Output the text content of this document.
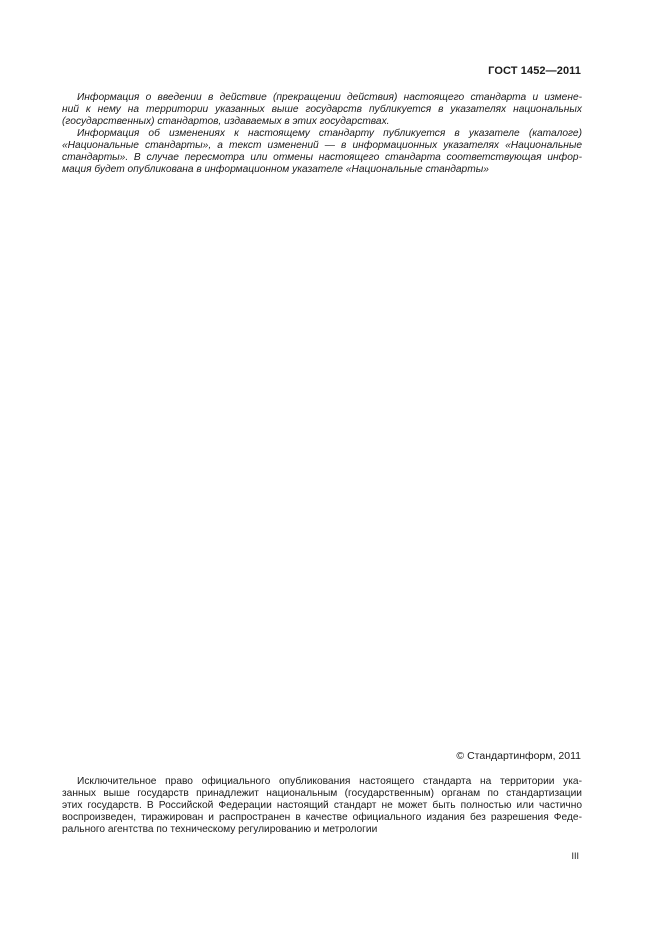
ГОСТ 1452—2011
Информация о введении в действие (прекращении действия) настоящего стандарта и измене-
ний к нему на территории указанных выше государств публикуется в указателях национальных
(государственных) стандартов, издаваемых в этих государствах.
Информация об изменениях к настоящему стандарту публикуется в указателе (каталоге)
«Национальные стандарты», а текст изменений — в информационных указателях «Национальные
стандарты». В случае пересмотра или отмены настоящего стандарта соответствующая инфор-
мация будет опубликована в информационном указателе «Национальные стандарты»
© Стандартинформ, 2011
Исключительное право официального опубликования настоящего стандарта на территории ука-
занных выше государств принадлежит национальным (государственным) органам по стандартизации
этих государств. В Российской Федерации настоящий стандарт не может быть полностью или частично
воспроизведен, тиражирован и распространен в качестве официального издания без разрешения Феде-
рального агентства по техническому регулированию и метрологии
III
